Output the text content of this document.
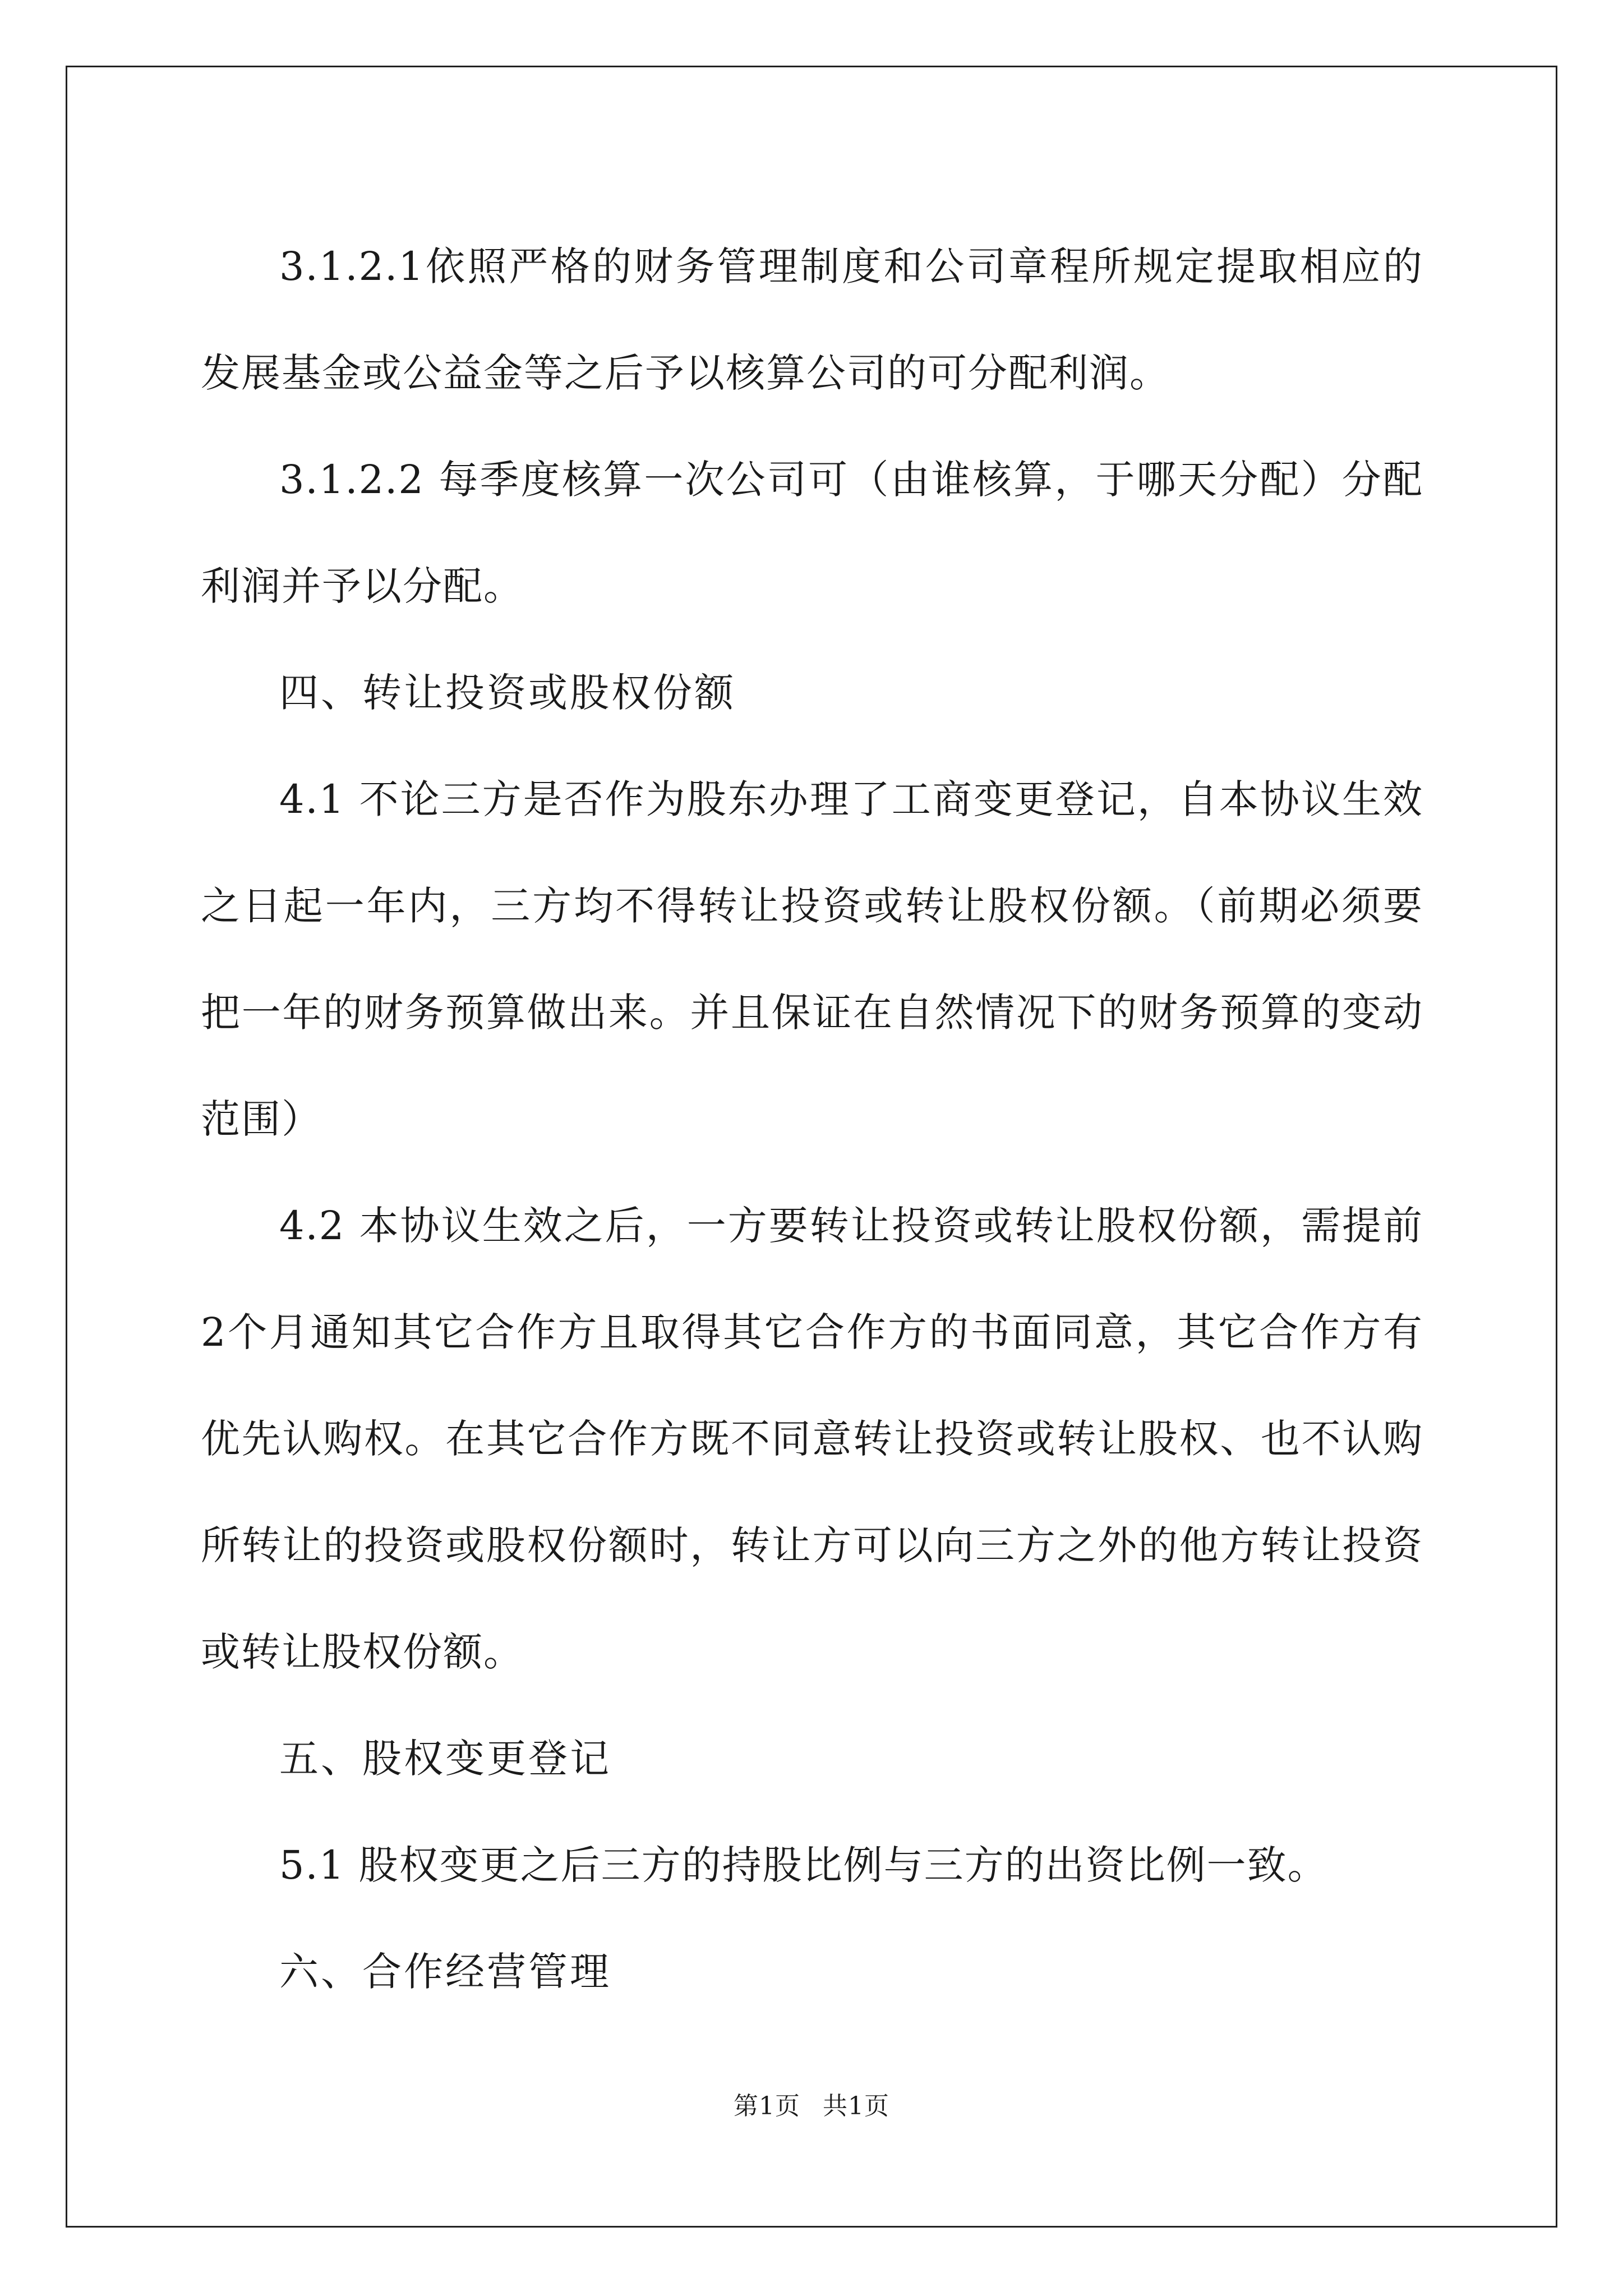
3.1.2.1依照严格的财务管理制度和公司章程所规定提取相应的发展基金或公益金等之后予以核算公司的可分配利润。

3.1.2.2 每季度核算一次公司可（由谁核算，于哪天分配）分配利润并予以分配。

四、转让投资或股权份额

4.1 不论三方是否作为股东办理了工商变更登记，自本协议生效之日起一年内，三方均不得转让投资或转让股权份额。（前期必须要把一年的财务预算做出来。并且保证在自然情况下的财务预算的变动范围）

4.2 本协议生效之后，一方要转让投资或转让股权份额，需提前2个月通知其它合作方且取得其它合作方的书面同意，其它合作方有优先认购权。在其它合作方既不同意转让投资或转让股权、也不认购所转让的投资或股权份额时，转让方可以向三方之外的他方转让投资或转让股权份额。

五、股权变更登记

5.1 股权变更之后三方的持股比例与三方的出资比例一致。

六、合作经营管理

第1页 共1页
